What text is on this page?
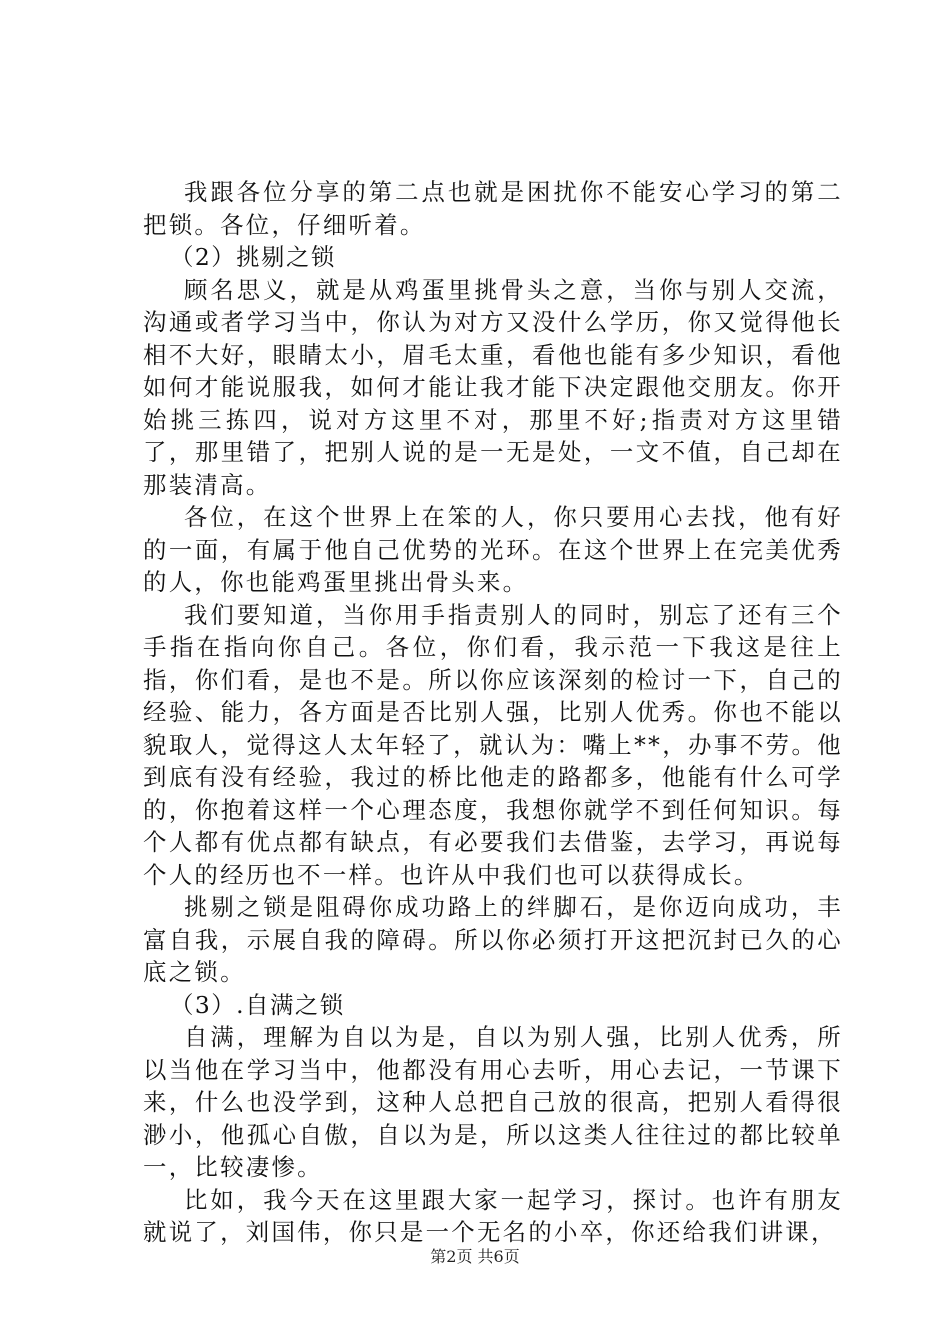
我跟各位分享的第二点也就是困扰你不能安心学习的第二把锁。各位，仔细听着。

（2）挑剔之锁

顾名思义，就是从鸡蛋里挑骨头之意，当你与别人交流，沟通或者学习当中，你认为对方又没什么学历，你又觉得他长相不大好，眼睛太小，眉毛太重，看他也能有多少知识，看他如何才能说服我，如何才能让我才能下决定跟他交朋友。你开始挑三拣四，说对方这里不对，那里不好;指责对方这里错了，那里错了，把别人说的是一无是处，一文不值，自己却在那装清高。

各位，在这个世界上在笨的人，你只要用心去找，他有好的一面，有属于他自己优势的光环。在这个世界上在完美优秀的人，你也能鸡蛋里挑出骨头来。

我们要知道，当你用手指责别人的同时，别忘了还有三个手指在指向你自己。各位，你们看，我示范一下我这是往上指，你们看，是也不是。所以你应该深刻的检讨一下，自己的经验、能力，各方面是否比别人强，比别人优秀。你也不能以貌取人，觉得这人太年轻了，就认为：嘴上**，办事不劳。他到底有没有经验，我过的桥比他走的路都多，他能有什么可学的，你抱着这样一个心理态度，我想你就学不到任何知识。每个人都有优点都有缺点，有必要我们去借鉴，去学习，再说每个人的经历也不一样。也许从中我们也可以获得成长。

挑剔之锁是阻碍你成功路上的绊脚石，是你迈向成功，丰富自我，示展自我的障碍。所以你必须打开这把沉封已久的心底之锁。

（3）.自满之锁

自满，理解为自以为是，自以为别人强，比别人优秀，所以当他在学习当中，他都没有用心去听，用心去记，一节课下来，什么也没学到，这种人总把自己放的很高，把别人看得很渺小，他孤心自傲，自以为是，所以这类人往往过的都比较单一，比较凄惨。

比如，我今天在这里跟大家一起学习，探讨。也许有朋友就说了，刘国伟，你只是一个无名的小卒，你还给我们讲课，

第2页 共6页
